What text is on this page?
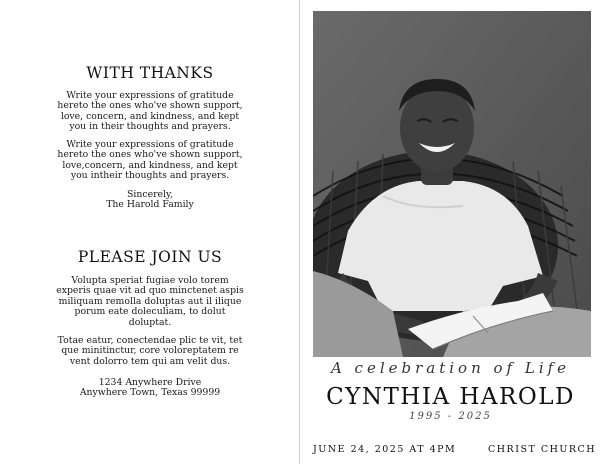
WITH THANKS

Write your expressions of gratitude
hereto the ones who've shown support,
love, concern, and kindness, and kept
you in their thoughts and prayers.

Write your expressions of gratitude
hereto the ones who've shown support,
love,concern, and kindness, and kept
you intheir thoughts and prayers.

Sincerely,
The Harold Family

PLEASE JOIN US

Volupta speriat fugiae volo torem
experis quae vit ad quo minctenet aspis
miliquam remolla doluptas aut il ilique
porum eate doleculiam, to dolut
doluptat.

Totae eatur, conectendae plic te vit, tet
que minitinctur, core voloreptatem re
vent dolorro tem qui am velit dus.

1234 Anywhere Drive
Anywhere Town, Texas 99999

A celebration of Life
CYNTHIA HAROLD
1995 - 2025
JUNE 24, 2025 AT 4PM	CHRIST CHURCH
